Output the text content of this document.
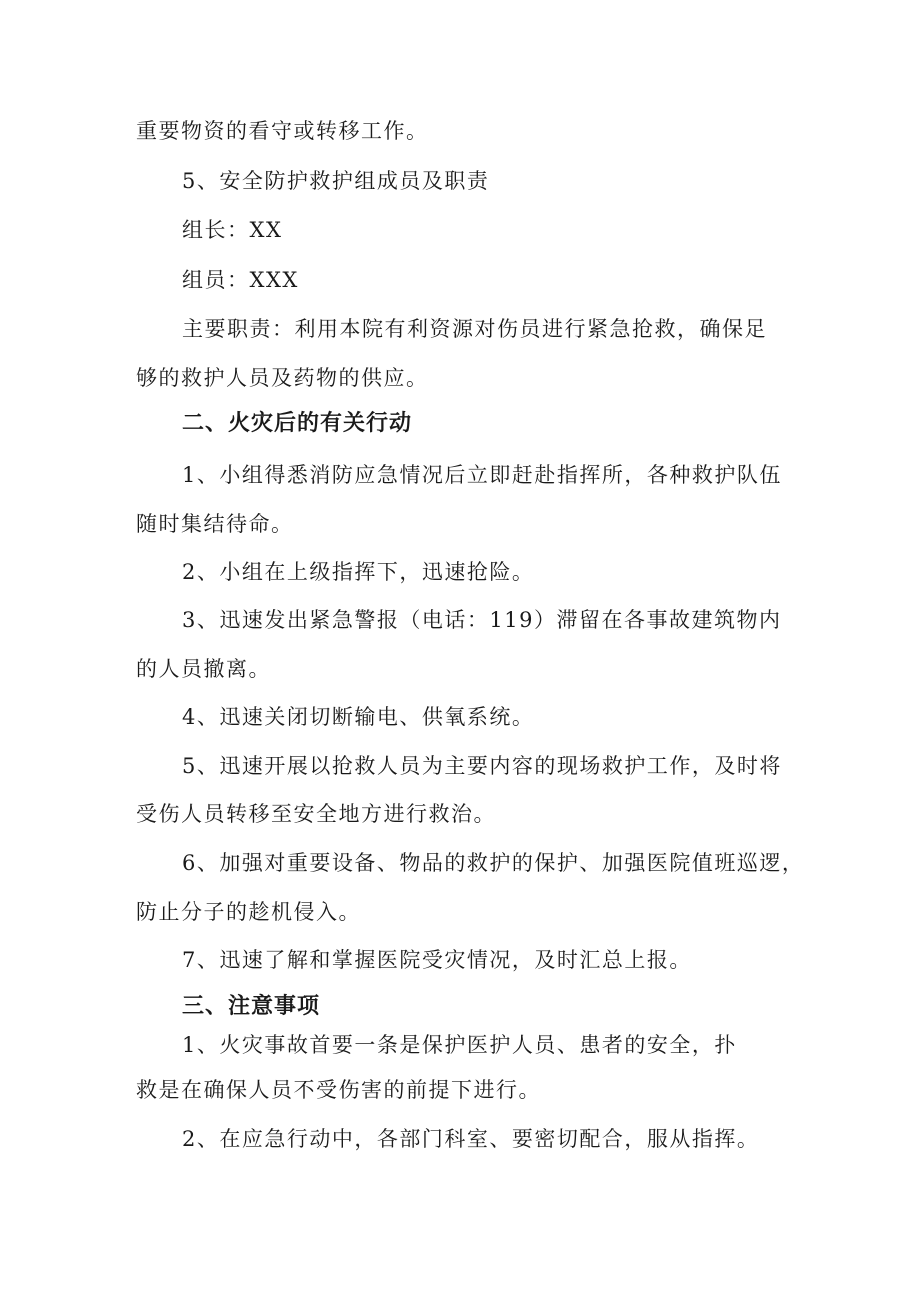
重要物资的看守或转移工作。
5、安全防护救护组成员及职责
组长：XX
组员：XXX
主要职责：利用本院有利资源对伤员进行紧急抢救，确保足
够的救护人员及药物的供应。
二、火灾后的有关行动
1、小组得悉消防应急情况后立即赶赴指挥所，各种救护队伍
随时集结待命。
2、小组在上级指挥下，迅速抢险。
3、迅速发出紧急警报（电话：119）滞留在各事故建筑物内
的人员撤离。
4、迅速关闭切断输电、供氧系统。
5、迅速开展以抢救人员为主要内容的现场救护工作，及时将
受伤人员转移至安全地方进行救治。
6、加强对重要设备、物品的救护的保护、加强医院值班巡逻，
防止分子的趁机侵入。
7、迅速了解和掌握医院受灾情况，及时汇总上报。
三、注意事项
1、火灾事故首要一条是保护医护人员、患者的安全，扑
救是在确保人员不受伤害的前提下进行。
2、在应急行动中，各部门科室、要密切配合，服从指挥。
